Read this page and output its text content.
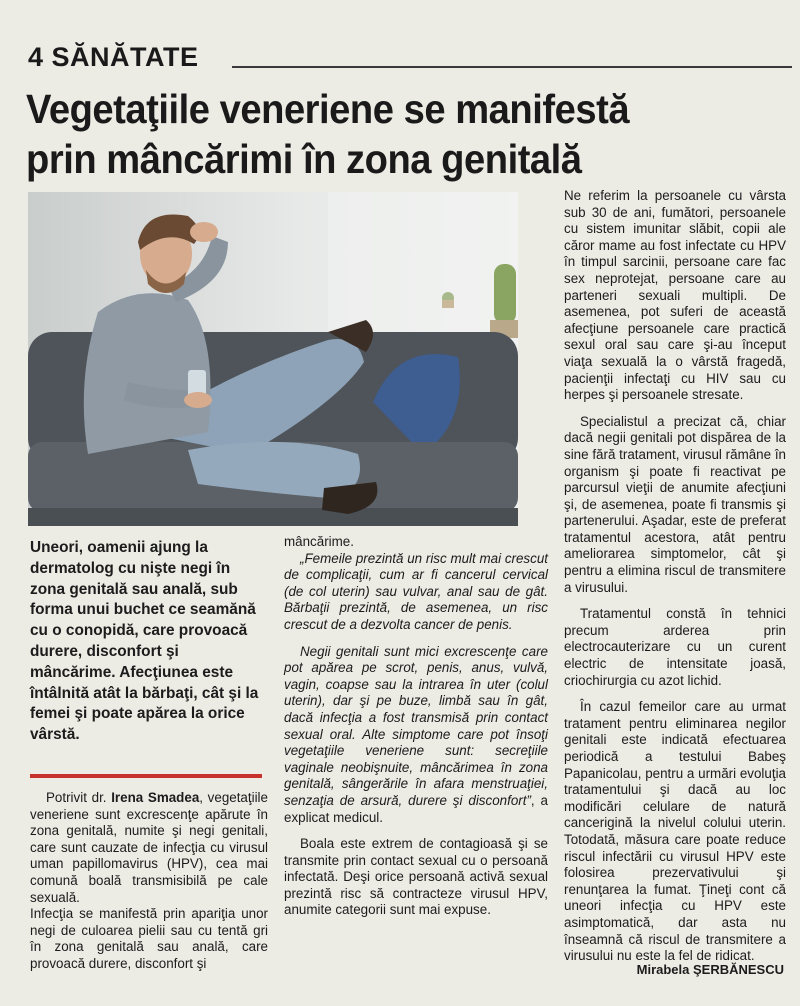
4 SĂNĂTATE
Vegetaţiile veneriene se manifestă
prin mâncărimi în zona genitală
Uneori, oamenii ajung la dermatolog cu nişte negi în zona genitală sau anală, sub forma unui buchet ce seamănă cu o conopidă, care provoacă durere, disconfort şi mâncărime. Afecţiunea este întâlnită atât la bărbaţi, cât şi la femei şi poate apărea la orice vârstă.

Potrivit dr. Irena Smadea, vegetaţiile veneriene sunt excrescenţe apărute în zona genitală, numite şi negi genitali, care sunt cauzate de infecţia cu virusul uman papillomavirus (HPV), cea mai comună boală transmisibilă pe cale sexuală.

Infecţia se manifestă prin apariţia unor negi de culoarea pielii sau cu tentă gri în zona genitală sau anală, care provoacă durere, disconfort şi

mâncărime.

„Femeile prezintă un risc mult mai crescut de complicaţii, cum ar fi cancerul cervical (de col uterin) sau vulvar, anal sau de gât. Bărbaţii prezintă, de asemenea, un risc crescut de a dezvolta cancer de penis.

Negii genitali sunt mici excrescenţe care pot apărea pe scrot, penis, anus, vulvă, vagin, coapse sau la intrarea în uter (colul uterin), dar şi pe buze, limbă sau în gât, dacă infecţia a fost transmisă prin contact sexual oral. Alte simptome care pot însoţi vegetaţiile veneriene sunt: secreţiile vaginale neobişnuite, mâncărimea în zona genitală, sângerările în afara menstruaţiei, senzaţia de arsură, durere şi disconfort”, a explicat medicul.

Boala este extrem de contagioasă şi se transmite prin contact sexual cu o persoană infectată. Deşi orice persoană activă sexual prezintă risc să contracteze virusul HPV, anumite categorii sunt mai expuse.

Ne referim la persoanele cu vârsta sub 30 de ani, fumători, persoanele cu sistem imunitar slăbit, copii ale căror mame au fost infectate cu HPV în timpul sarcinii, persoane care fac sex neprotejat, persoane care au parteneri sexuali multipli. De asemenea, pot suferi de această afecţiune persoanele care practică sexul oral sau care şi-au început viaţa sexuală la o vârstă fragedă, pacienţii infectaţi cu HIV sau cu herpes şi persoanele stresate.

Specialistul a precizat că, chiar dacă negii genitali pot dispărea de la sine fără tratament, virusul rămâne în organism şi poate fi reactivat pe parcursul vieţii de anumite afecţiuni şi, de asemenea, poate fi transmis şi partenerului. Aşadar, este de preferat tratamentul acestora, atât pentru ameliorarea simptomelor, cât şi pentru a elimina riscul de transmitere a virusului.

Tratamentul constă în tehnici precum arderea prin electrocauterizare cu un curent electric de intensitate joasă, criochirurgia cu azot lichid.

În cazul femeilor care au urmat tratament pentru eliminarea negilor genitali este indicată efectuarea periodică a testului Babeş Papanicolau, pentru a urmări evoluţia tratamentului şi dacă au loc modificări celulare de natură cancerigină la nivelul colului uterin. Totodată, măsura care poate reduce riscul infectării cu virusul HPV este folosirea prezervativului şi renunţarea la fumat. Ţineţi cont că uneori infecţia cu HPV este asimptomatică, dar asta nu înseamnă că riscul de transmitere a virusului nu este la fel de ridicat.

Mirabela ŞERBĂNESCU
